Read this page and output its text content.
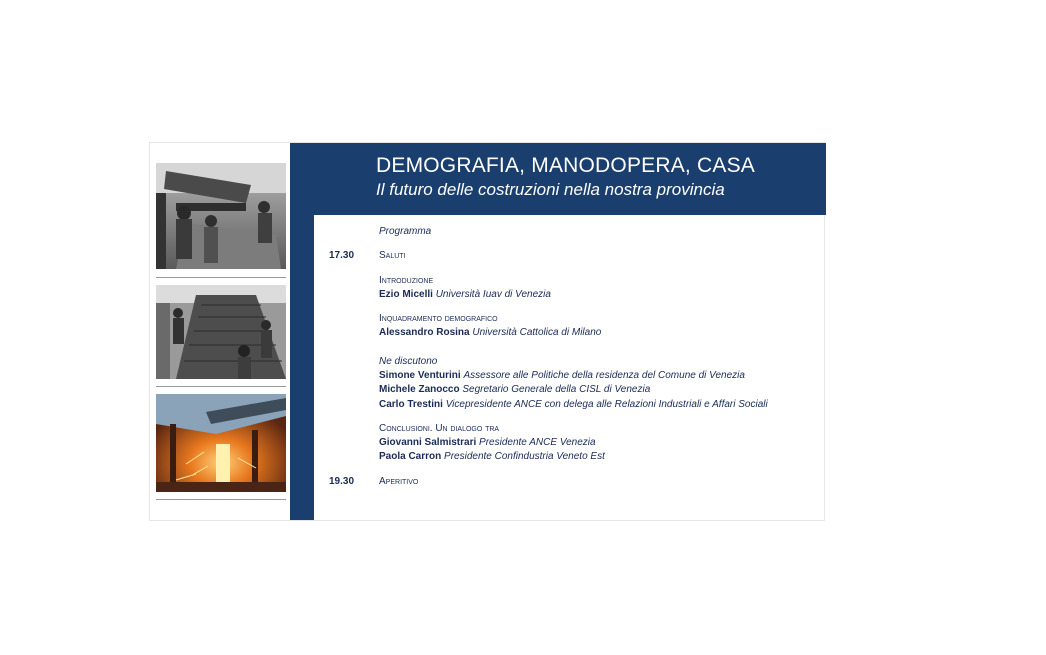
DEMOGRAFIA, MANODOPERA, CASA
Il futuro delle costruzioni nella nostra provincia
Programma
17.30 Saluti
Introduzione
Ezio Micelli Università Iuav di Venezia
Inquadramento demografico
Alessandro Rosina Università Cattolica di Milano
Ne discutono
Simone Venturini Assessore alle Politiche della residenza del Comune di Venezia
Michele Zanocco Segretario Generale della CISL di Venezia
Carlo Trestini Vicepresidente ANCE con delega alle Relazioni Industriali e Affari Sociali
Conclusioni. Un dialogo tra
Giovanni Salmistrari Presidente ANCE Venezia
Paola Carron Presidente Confindustria Veneto Est
19.30 Aperitivo
